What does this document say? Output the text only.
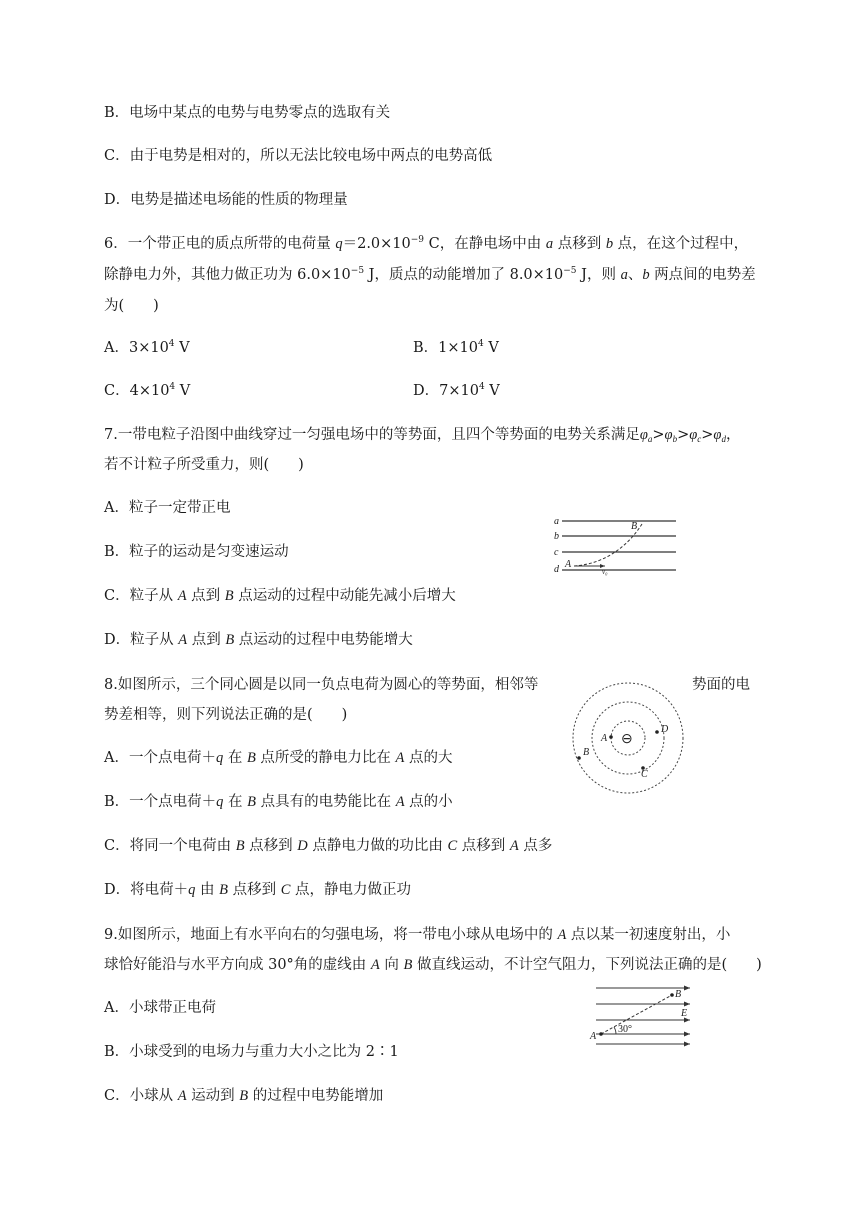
B．电场中某点的电势与电势零点的选取有关
C．由于电势是相对的，所以无法比较电场中两点的电势高低
D．电势是描述电场能的性质的物理量
6．一个带正电的质点所带的电荷量 $q=2.0\times 10^{-9}$ C，在静电场中由 a 点移到 b 点，在这个过程中，
除静电力外，其他力做正功为 $6.0\times 10^{-5}$ J，质点的动能增加了 $8.0\times 10^{-5}$ J，则 a、b 两点间的电势差
为(　　)
A．$3\times 10^4$ V	B．$1\times 10^4$ V
C．$4\times 10^4$ V	D．$7\times 10^4$ V
7.一带电粒子沿图中曲线穿过一匀强电场中的等势面，且四个等势面的电势关系满足$\varphi_a>\varphi_b>\varphi_c>\varphi_d$，
若不计粒子所受重力，则(　　)
A．粒子一定带正电
B．粒子的运动是匀变速运动
C．粒子从 A 点到 B 点运动的过程中动能先减小后增大
D．粒子从 A 点到 B 点运动的过程中电势能增大
a
b
c
d A
B
v₀
8.如图所示，三个同心圆是以同一负点电荷为圆心的等势面，相邻等	势面的电
势差相等，则下列说法正确的是(　　)
A．一个点电荷＋q 在 B 点所受的静电力比在 A 点的大
B．一个点电荷＋q 在 B 点具有的电势能比在 A 点的小
C．将同一个电荷由 B 点移到 D 点静电力做的功比由 C 点移到 A 点多
D．将电荷＋q 由 B 点移到 C 点，静电力做正功
⊖
A
B
C
D
9.如图所示，地面上有水平向右的匀强电场，将一带电小球从电场中的 A 点以某一初速度射出，小
球恰好能沿与水平方向成 30°角的虚线由 A 向 B 做直线运动，不计空气阻力，下列说法正确的是(　　)
A．小球带正电荷
B．小球受到的电场力与重力大小之比为 2∶1
C．小球从 A 运动到 B 的过程中电势能增加
A
B
E
30°
